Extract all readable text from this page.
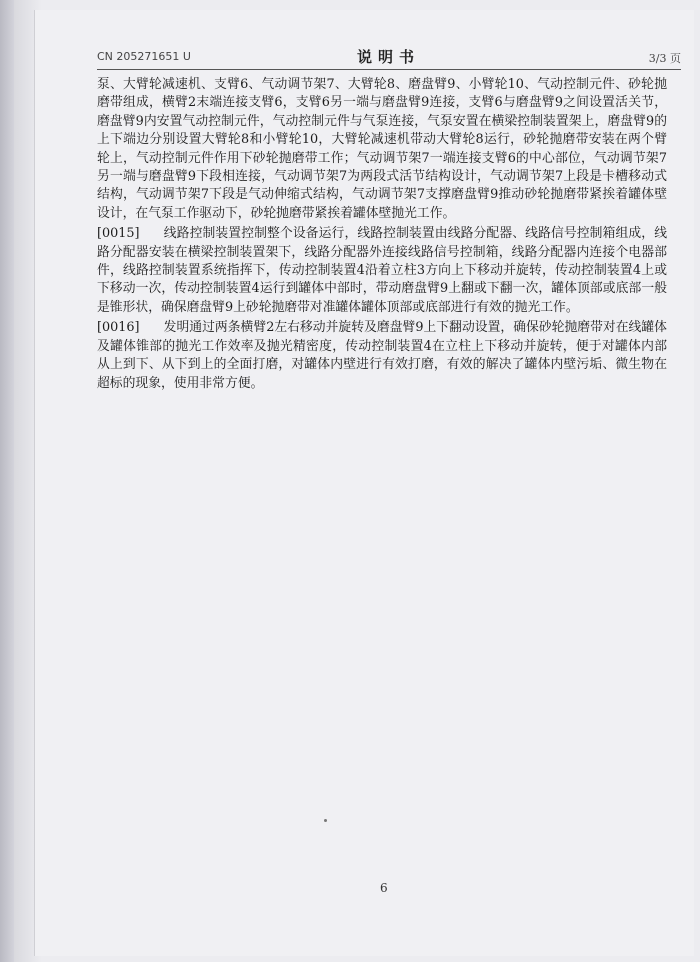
CN 205271651 U	说明书	3/3 页

泵、大臂轮减速机、支臂6、气动调节架7、大臂轮8、磨盘臂9、小臂轮10、气动控制元件、砂轮抛磨带组成，横臂2末端连接支臂6，支臂6另一端与磨盘臂9连接，支臂6与磨盘臂9之间设置活关节，磨盘臂9内安置气动控制元件，气动控制元件与气泵连接，气泵安置在横梁控制装置架上，磨盘臂9的上下端边分别设置大臂轮8和小臂轮10，大臂轮减速机带动大臂轮8运行，砂轮抛磨带安装在两个臂轮上，气动控制元件作用下砂轮抛磨带工作；气动调节架7一端连接支臂6的中心部位，气动调节架7另一端与磨盘臂9下段相连接，气动调节架7为两段式活节结构设计，气动调节架7上段是卡槽移动式结构，气动调节架7下段是气动伸缩式结构，气动调节架7支撑磨盘臂9推动砂轮抛磨带紧挨着罐体壁设计，在气泵工作驱动下，砂轮抛磨带紧挨着罐体壁抛光工作。

[0015] 线路控制装置控制整个设备运行，线路控制装置由线路分配器、线路信号控制箱组成，线路分配器安装在横梁控制装置架下，线路分配器外连接线路信号控制箱，线路分配器内连接个电器部件，线路控制装置系统指挥下，传动控制装置4沿着立柱3方向上下移动并旋转，传动控制装置4上或下移动一次，传动控制装置4运行到罐体中部时，带动磨盘臂9上翻或下翻一次，罐体顶部或底部一般是锥形状，确保磨盘臂9上砂轮抛磨带对准罐体罐体顶部或底部进行有效的抛光工作。

[0016] 发明通过两条横臂2左右移动并旋转及磨盘臂9上下翻动设置，确保砂轮抛磨带对在线罐体及罐体锥部的抛光工作效率及抛光精密度，传动控制装置4在立柱上下移动并旋转，便于对罐体内部从上到下、从下到上的全面打磨，对罐体内壁进行有效打磨，有效的解决了罐体内壁污垢、微生物在超标的现象，使用非常方便。

6
